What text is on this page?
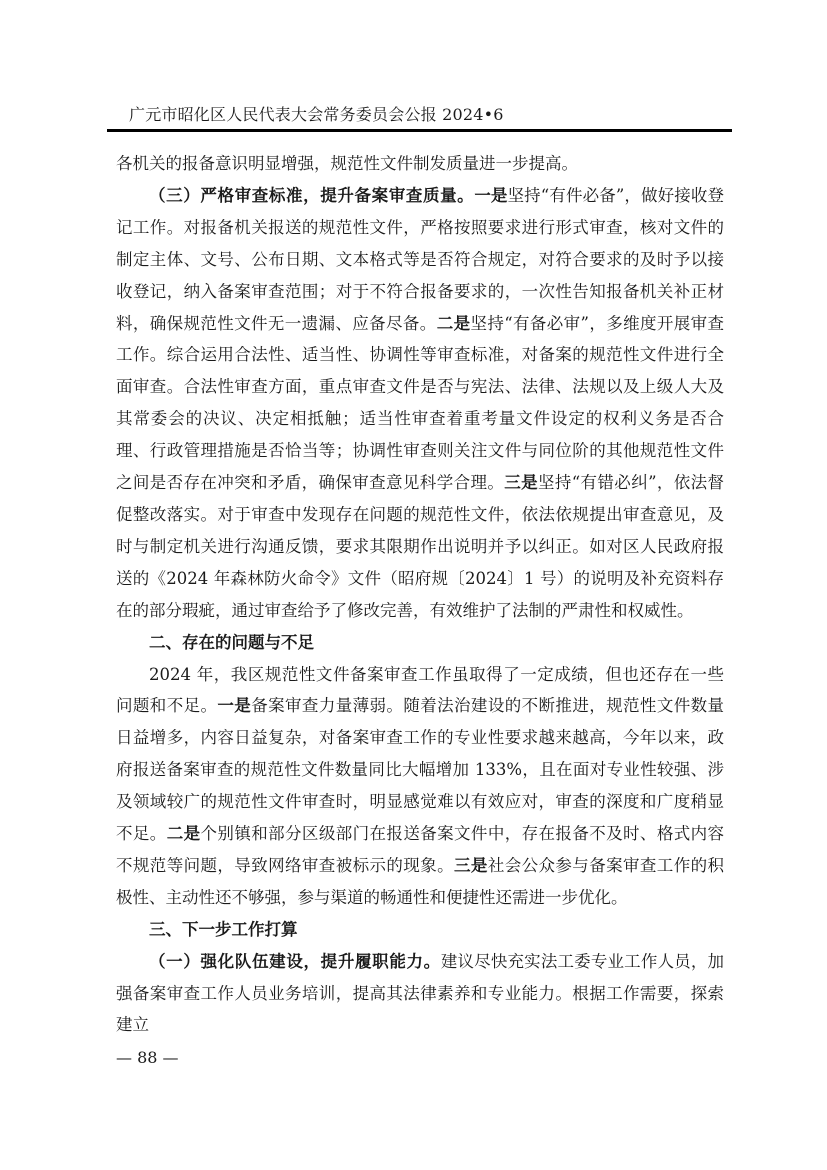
广元市昭化区人民代表大会常务委员会公报 2024•6

各机关的报备意识明显增强，规范性文件制发质量进一步提高。

（三）严格审查标准，提升备案审查质量。一是坚持“有件必备”，做好接收登记工作。对报备机关报送的规范性文件，严格按照要求进行形式审查，核对文件的制定主体、文号、公布日期、文本格式等是否符合规定，对符合要求的及时予以接收登记，纳入备案审查范围；对于不符合报备要求的，一次性告知报备机关补正材料，确保规范性文件无一遗漏、应备尽备。二是坚持“有备必审”，多维度开展审查工作。综合运用合法性、适当性、协调性等审查标准，对备案的规范性文件进行全面审查。合法性审查方面，重点审查文件是否与宪法、法律、法规以及上级人大及其常委会的决议、决定相抵触；适当性审查着重考量文件设定的权利义务是否合理、行政管理措施是否恰当等；协调性审查则关注文件与同位阶的其他规范性文件之间是否存在冲突和矛盾，确保审查意见科学合理。三是坚持“有错必纠”，依法督促整改落实。对于审查中发现存在问题的规范性文件，依法依规提出审查意见，及时与制定机关进行沟通反馈，要求其限期作出说明并予以纠正。如对区人民政府报送的《2024 年森林防火命令》文件（昭府规〔2024〕1 号）的说明及补充资料存在的部分瑕疵，通过审查给予了修改完善，有效维护了法制的严肃性和权威性。

二、存在的问题与不足

2024 年，我区规范性文件备案审查工作虽取得了一定成绩，但也还存在一些问题和不足。一是备案审查力量薄弱。随着法治建设的不断推进，规范性文件数量日益增多，内容日益复杂，对备案审查工作的专业性要求越来越高，今年以来，政府报送备案审查的规范性文件数量同比大幅增加 133%，且在面对专业性较强、涉及领域较广的规范性文件审查时，明显感觉难以有效应对，审查的深度和广度稍显不足。二是个别镇和部分区级部门在报送备案文件中，存在报备不及时、格式内容不规范等问题，导致网络审查被标示的现象。三是社会公众参与备案审查工作的积极性、主动性还不够强，参与渠道的畅通性和便捷性还需进一步优化。

三、下一步工作打算

（一）强化队伍建设，提升履职能力。建议尽快充实法工委专业工作人员，加强备案审查工作人员业务培训，提高其法律素养和专业能力。根据工作需要，探索建立

— 88 —
